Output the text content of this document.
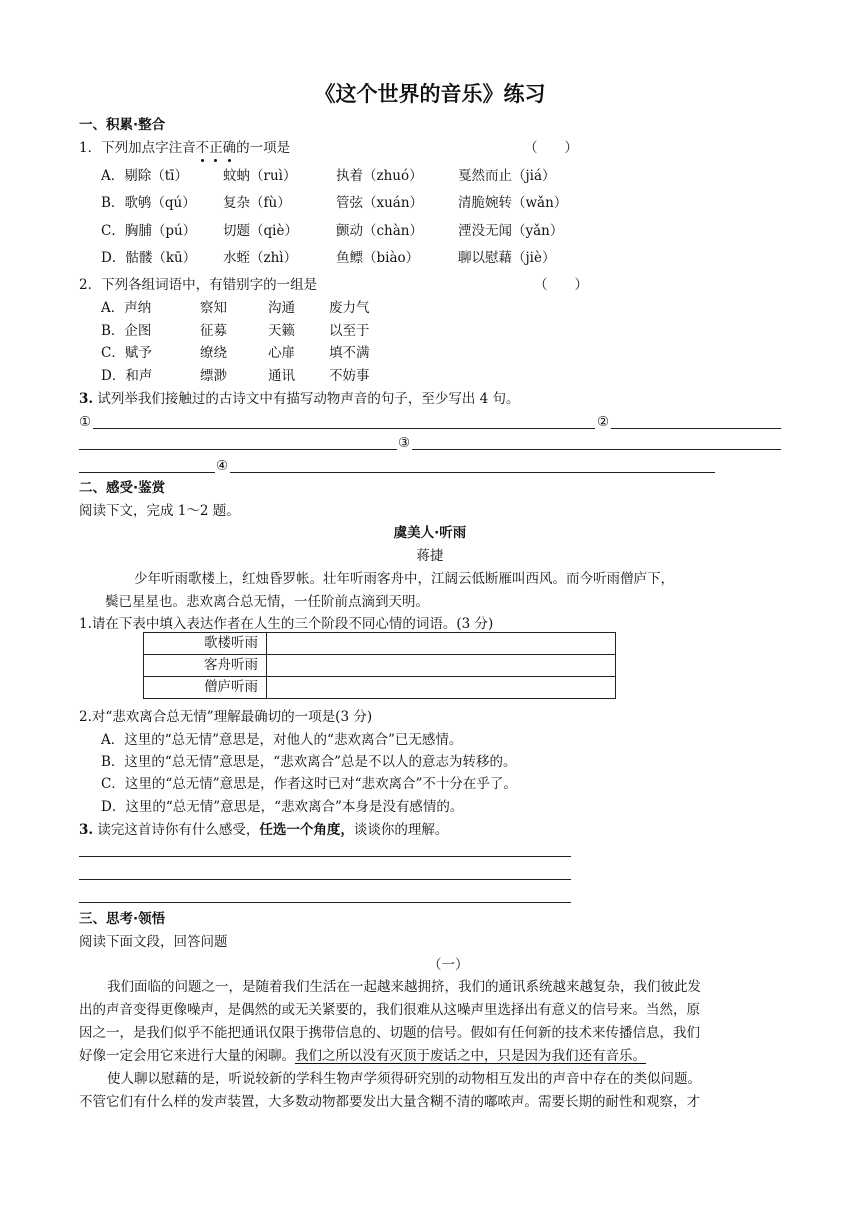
《这个世界的音乐》练习
一、积累·整合
1．下列加点字注音不正确的一项是	（　　）
A．剔除（tī）	蚊蚋（ruì）	执着（zhuó）	戛然而止（jiá）
B．歌鸲（qú） 复杂（fù）	管弦（xuán）	清脆婉转（wǎn）
C．胸脯（pú） 切题（qiè）	颤动（chàn）	湮没无闻（yǎn）
D．骷髅（kū） 水蛭（zhì）	鱼鳔（biào）	聊以慰藉（jiè）
2．下列各组词语中，有错别字的一组是	（　　）
A．声纳	察知	沟通	废力气
B．企图	征募	天籁	以至于
C．赋予	缭绕	心扉	填不满
D．和声	缥渺	通讯	不妨事
3. 试列举我们接触过的古诗文中有描写动物声音的句子，至少写出 4 句。
①	②
③
④
二、感受·鉴赏
阅读下文，完成 1～2 题。
虞美人·听雨
蒋捷
少年听雨歌楼上，红烛昏罗帐。壮年听雨客舟中，江阔云低断雁叫西风。而今听雨僧庐下，
鬓已星星也。悲欢离合总无情，一任阶前点滴到天明。
1.请在下表中填入表达作者在人生的三个阶段不同心情的词语。(3 分)
歌楼听雨	
客舟听雨	
僧庐听雨	
2.对“悲欢离合总无情”理解最确切的一项是(3 分)
A．这里的“总无情”意思是，对他人的“悲欢离合”已无感情。
B．这里的“总无情”意思是，“悲欢离合”总是不以人的意志为转移的。
C．这里的“总无情”意思是，作者这时已对“悲欢离合”不十分在乎了。
D．这里的“总无情”意思是，“悲欢离合”本身是没有感情的。
3. 读完这首诗你有什么感受，任选一个角度，谈谈你的理解。
三、思考·领悟
阅读下面文段，回答问题
（一）
我们面临的问题之一，是随着我们生活在一起越来越拥挤，我们的通讯系统越来越复杂，我们彼此发
出的声音变得更像噪声，是偶然的或无关紧要的，我们很难从这噪声里选择出有意义的信号来。当然，原
因之一，是我们似乎不能把通讯仅限于携带信息的、切题的信号。假如有任何新的技术来传播信息，我们
好像一定会用它来进行大量的闲聊。我们之所以没有灭顶于废话之中，只是因为我们还有音乐。
使人聊以慰藉的是，听说较新的学科生物声学须得研究别的动物相互发出的声音中存在的类似问题。
不管它们有什么样的发声装置，大多数动物都要发出大量含糊不清的嘟哝声。需要长期的耐性和观察，才
